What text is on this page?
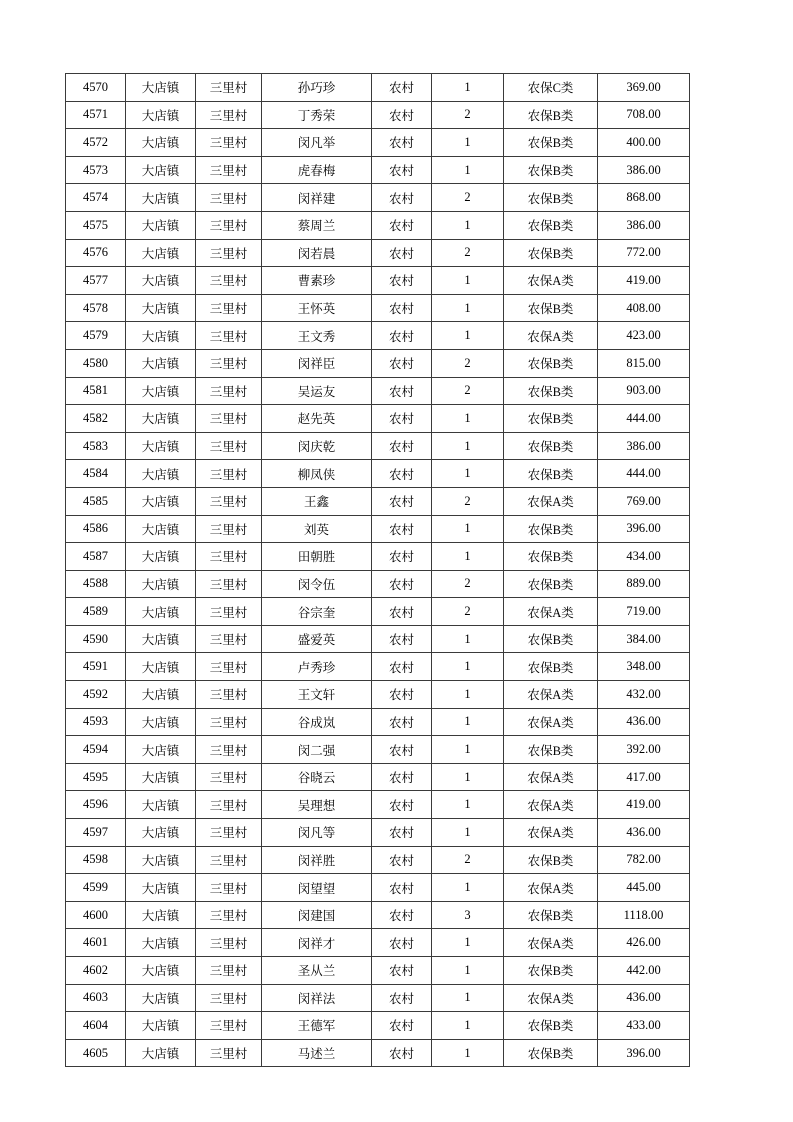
4570	大店镇	三里村	孙巧珍	农村	1	农保C类	369.00
4571	大店镇	三里村	丁秀荣	农村	2	农保B类	708.00
4572	大店镇	三里村	闵凡举	农村	1	农保B类	400.00
4573	大店镇	三里村	虎春梅	农村	1	农保B类	386.00
4574	大店镇	三里村	闵祥建	农村	2	农保B类	868.00
4575	大店镇	三里村	蔡周兰	农村	1	农保B类	386.00
4576	大店镇	三里村	闵若晨	农村	2	农保B类	772.00
4577	大店镇	三里村	曹素珍	农村	1	农保A类	419.00
4578	大店镇	三里村	王怀英	农村	1	农保B类	408.00
4579	大店镇	三里村	王文秀	农村	1	农保A类	423.00
4580	大店镇	三里村	闵祥臣	农村	2	农保B类	815.00
4581	大店镇	三里村	吴运友	农村	2	农保B类	903.00
4582	大店镇	三里村	赵先英	农村	1	农保B类	444.00
4583	大店镇	三里村	闵庆乾	农村	1	农保B类	386.00
4584	大店镇	三里村	柳凤侠	农村	1	农保B类	444.00
4585	大店镇	三里村	王鑫	农村	2	农保A类	769.00
4586	大店镇	三里村	刘英	农村	1	农保B类	396.00
4587	大店镇	三里村	田朝胜	农村	1	农保B类	434.00
4588	大店镇	三里村	闵令伍	农村	2	农保B类	889.00
4589	大店镇	三里村	谷宗奎	农村	2	农保A类	719.00
4590	大店镇	三里村	盛爱英	农村	1	农保B类	384.00
4591	大店镇	三里村	卢秀珍	农村	1	农保B类	348.00
4592	大店镇	三里村	王文轩	农村	1	农保A类	432.00
4593	大店镇	三里村	谷成岚	农村	1	农保A类	436.00
4594	大店镇	三里村	闵二强	农村	1	农保B类	392.00
4595	大店镇	三里村	谷晓云	农村	1	农保A类	417.00
4596	大店镇	三里村	吴理想	农村	1	农保A类	419.00
4597	大店镇	三里村	闵凡等	农村	1	农保A类	436.00
4598	大店镇	三里村	闵祥胜	农村	2	农保B类	782.00
4599	大店镇	三里村	闵望望	农村	1	农保A类	445.00
4600	大店镇	三里村	闵建国	农村	3	农保B类	1118.00
4601	大店镇	三里村	闵祥才	农村	1	农保A类	426.00
4602	大店镇	三里村	圣从兰	农村	1	农保B类	442.00
4603	大店镇	三里村	闵祥法	农村	1	农保A类	436.00
4604	大店镇	三里村	王德军	农村	1	农保B类	433.00
4605	大店镇	三里村	马述兰	农村	1	农保B类	396.00
